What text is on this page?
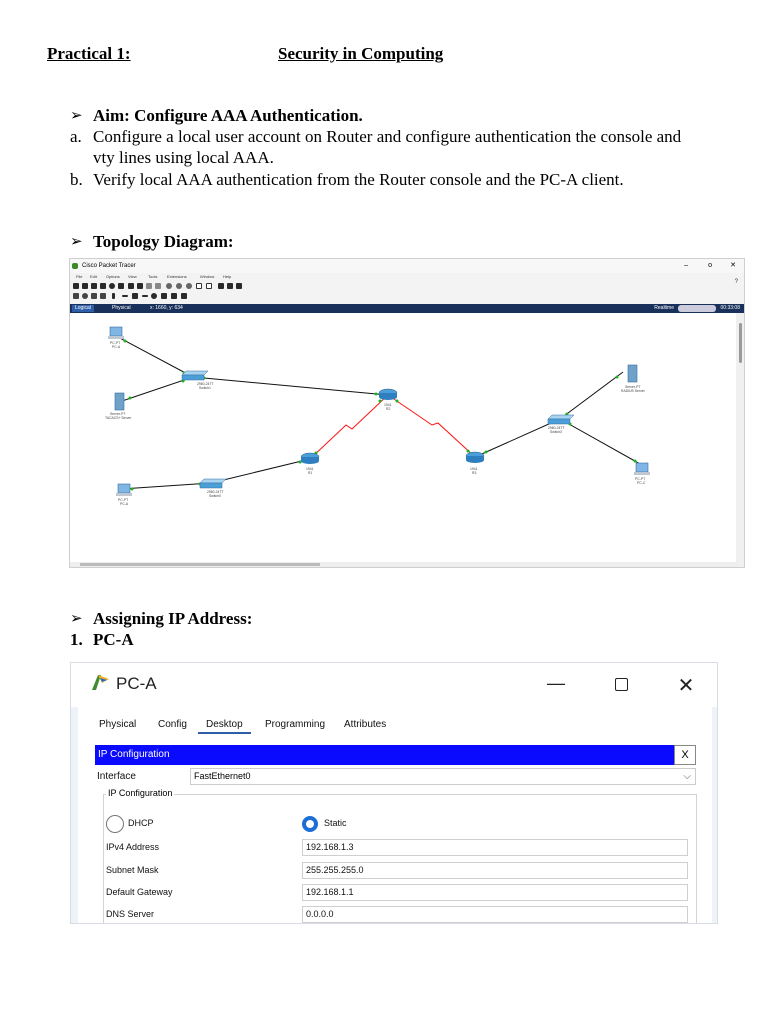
Practical 1:	Security in Computing
➢ Aim: Configure AAA Authentication.
a. Configure a local user account on Router and configure authentication the console and
vty lines using local AAA.
b. Verify local AAA authentication from the Router console and the PC-A client.
➢ Topology Diagram:
Cisco Packet Tracer	–	o	✕
File Edit Options View	Tools Extensions	Window Help
?
Logical	Physical	x: 1660, y: 634	Realtime	00:33:08
PC-PT
PC-A
2960-24TT
Switch1
Server-PT
TACACS+ Server
1941
R2
Server-PT
RADIUS Server
2960-24TT
Switch3
1941
R1
1941
R3
PC-PT
PC-C
2960-24TT
Switch0
PC-PT
PC-A
➢ Assigning IP Address:
1. PC-A
PC-A	—	✕
Physical Config	Desktop	Programming Attributes
IP Configuration	X
Interface	FastEthernet0	⌵
IP Configuration
DHCP	Static
IPv4 Address	192.168.1.3
Subnet Mask	255.255.255.0
Default Gateway	192.168.1.1
DNS Server	0.0.0.0
